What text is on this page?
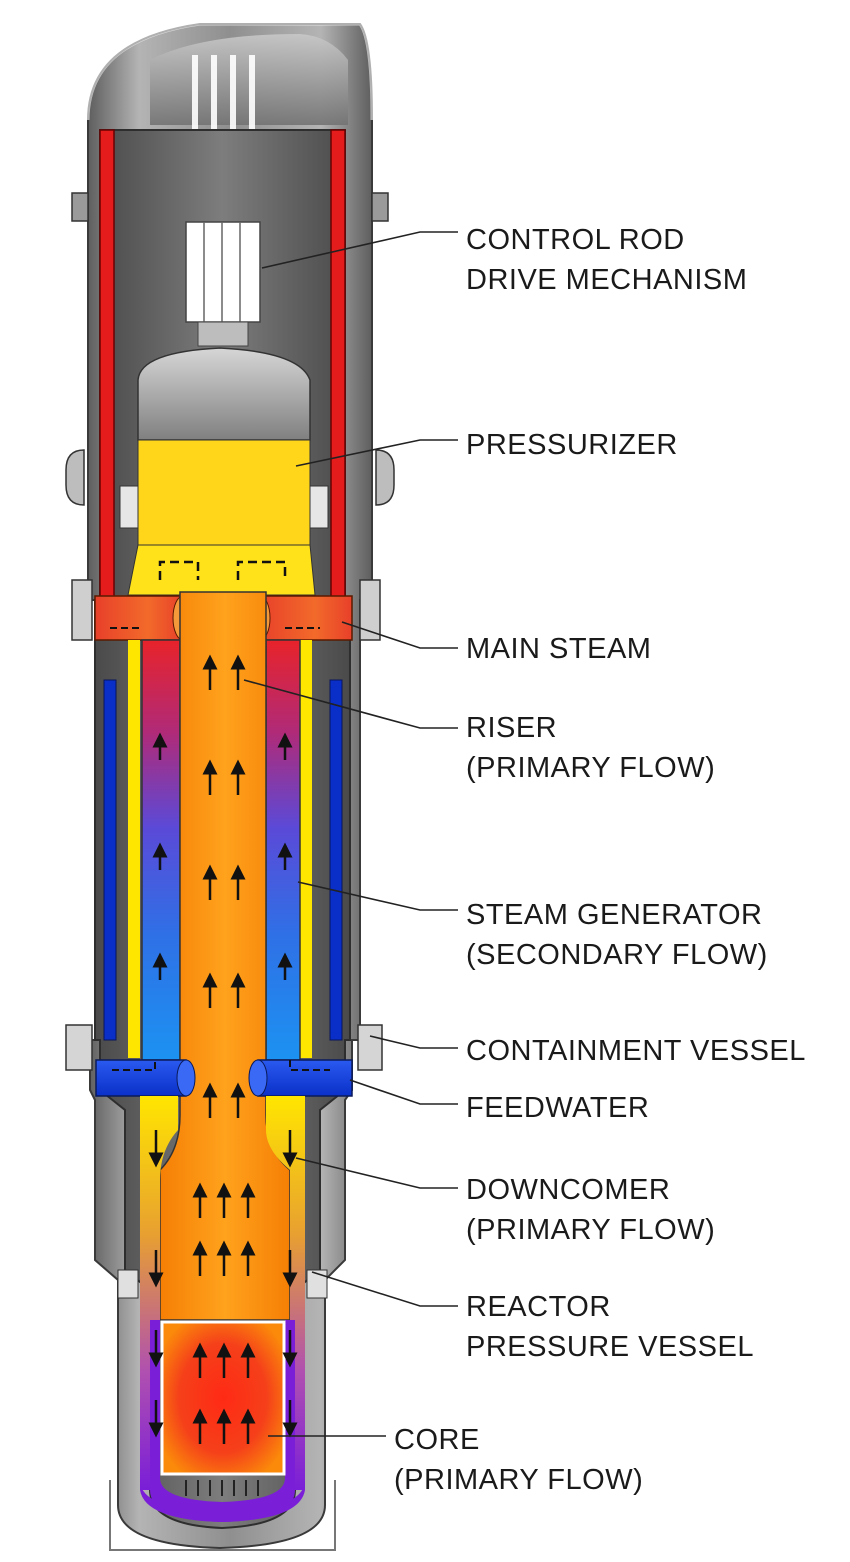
CONTROL ROD
DRIVE MECHANISM
PRESSURIZER
MAIN STEAM
RISER
(PRIMARY FLOW)
STEAM GENERATOR
(SECONDARY FLOW)
CONTAINMENT VESSEL
FEEDWATER
DOWNCOMER
(PRIMARY FLOW)
REACTOR
PRESSURE VESSEL
CORE
(PRIMARY FLOW)
